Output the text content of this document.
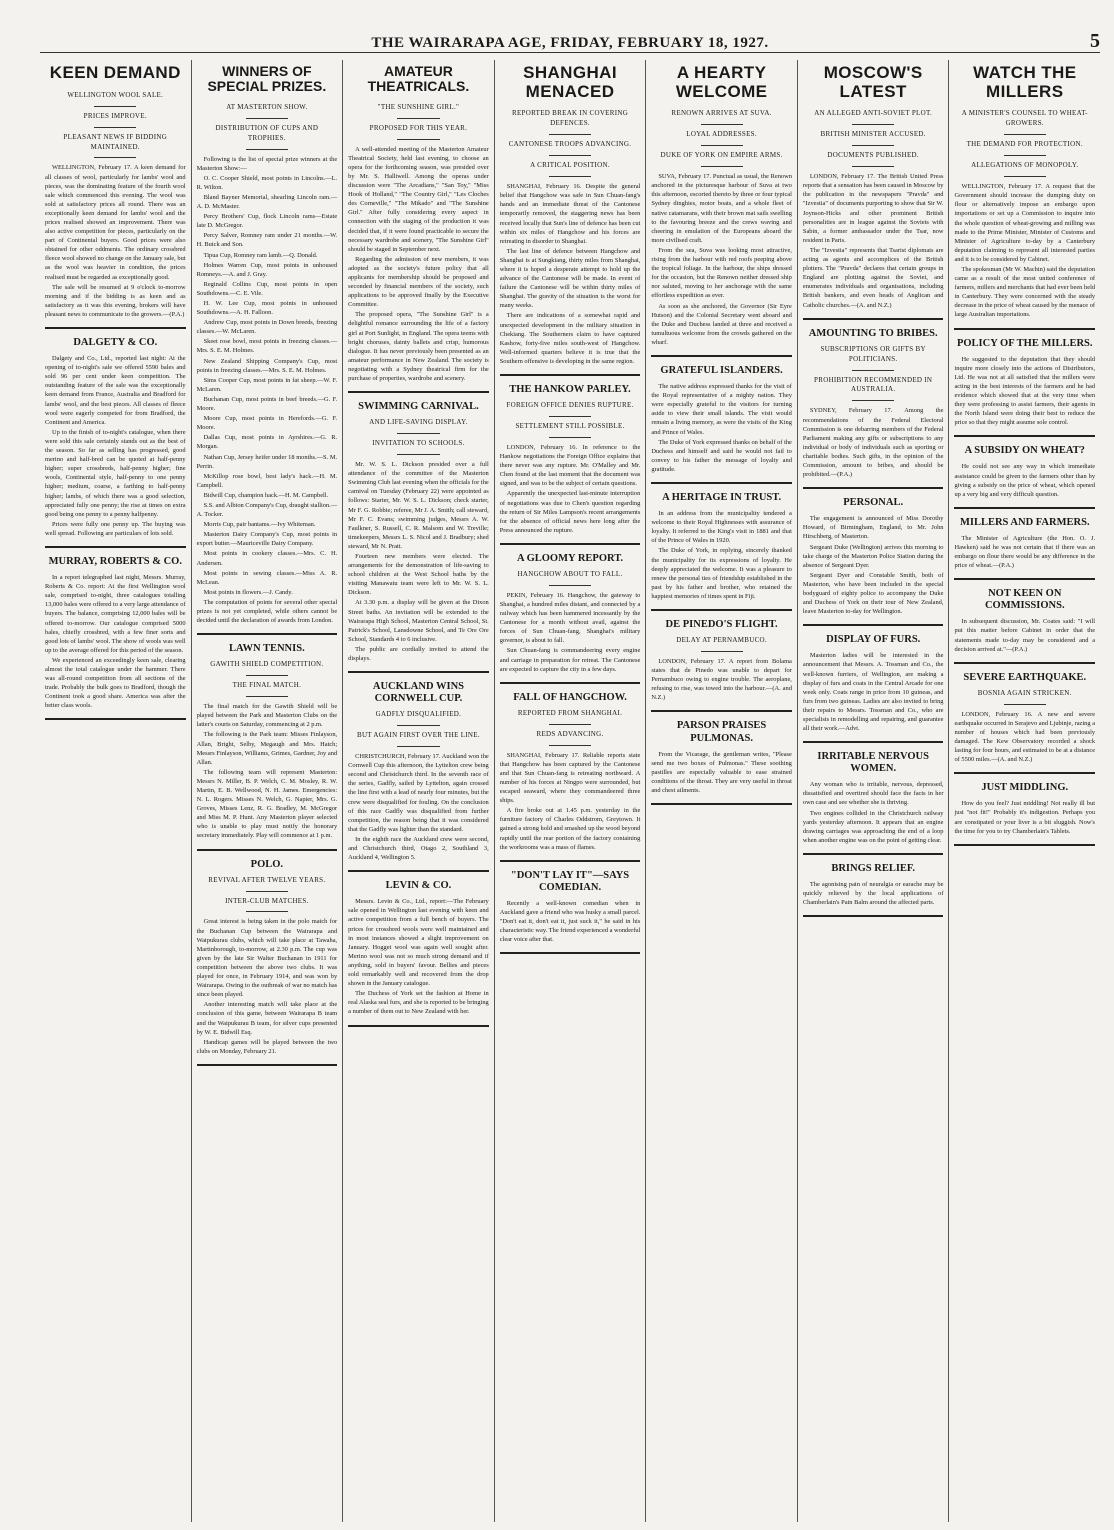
THE WAIRARAPA AGE, FRIDAY, FEBRUARY 18, 1927.	5
KEEN DEMAND
WELLINGTON WOOL SALE.
PRICES IMPROVE.
PLEASANT NEWS IF BIDDING MAINTAINED.

WELLINGTON, February 17. A keen demand for all classes of wool, particularly for lambs' wool and pieces, was the dominating feature of the fourth wool sale which commenced this evening. The wool was sold at satisfactory prices all round. There was an exceptionally keen demand for lambs' wool and the prices realised showed an improvement. There was also active competition for pieces, particularly on the part of Continental buyers. Good prices were also obtained for other oddments. The ordinary crossbred fleece wool showed no change on the January sale, but as the wool was heavier in condition, the prices realised must be regarded as exceptionally good.

The sale will be resumed at 9 o'clock to-morrow morning and if the bidding is as keen and as satisfactory as it was this evening, brokers will have pleasant news to communicate to the growers.—(P.A.)

DALGETY & CO.

Dalgety and Co., Ltd., reported last night: At the opening of to-night's sale we offered 5590 bales and sold 96 per cent under keen competition. The outstanding feature of the sale was the exceptionally keen demand from France, Australia and Bradford for lambs' wool, and the best pieces. All classes of fleece wool were eagerly competed for from Bradford, the Continent and America.

Up to the finish of to-night's catalogue, when there were sold this sale certainly stands out as the best of the season. So far as selling has progressed, good merino and half-bred can be quoted at half-penny higher; super crossbreds, half-penny higher; fine wools, Continental style, half-penny to one penny higher; medium, coarse, a farthing to half-penny higher; lambs, of which there was a good selection, appreciated fully one penny; the rise at times on extra good being one penny to a penny halfpenny.

Prices were fully one penny up. The buying was well spread. Following are particulars of lots sold.

MURRAY, ROBERTS & CO.

In a report telegraphed last night, Messrs. Murray, Roberts & Co. report: At the first Wellington wool sale, comprised to-night, three catalogues totalling 13,000 bales were offered to a very large attendance of buyers. The balance, comprising 12,000 bales will be offered to-morrow. Our catalogue comprised 5000 bales, chiefly crossbred, with a few finer sorts and good lots of lambs' wool. The show of wools was well up to the average offered for this period of the season.

We experienced an exceedingly keen sale, clearing almost the total catalogue under the hammer. There was all-round competition from all sections of the trade. Probably the bulk goes to Bradford, though the Continent took a good share. America was after the better class wools.

WINNERS OF SPECIAL PRIZES.
AT MASTERTON SHOW.
DISTRIBUTION OF CUPS AND TROPHIES.

Following is the list of special prize winners at the Masterton Show:—

O. C. Cooper Shield, most points in Lincolns.—L. R. Wilton.

Bland Bayner Memorial, shearling Lincoln ram.—A. D. McMaster.

Percy Brothers' Cup, flock Lincoln rams—Estate late D. McGregor.

Percy Salver, Romney ram under 21 months.—W. H. Buick and Son.

Tipua Cup, Romney ram lamb.—Q. Donald.

Holmes Warren Cup, most points in unhoused Romneys.—A. and J. Gray.

Reginald Collins Cup, most points in open Southdowns.—C. E. Vile.

H. W. Lee Cup, most points in unhoused Southdowns.—A. H. Falloon.

Andrew Cup, most points in Down breeds, freezing classes.—W. McLaren.

Skeet rose bowl, most points in freezing classes.—Mrs. S. E. M. Holmes.

New Zealand Shipping Company's Cup, most points in freezing classes.—Mrs. S. E. M. Holmes.

Sims Cooper Cup, most points in fat sheep.—W. F. McLaren.

Buchanan Cup, most points in beef breeds.—G. F. Moore.

Moore Cup, most points in Herefords.—G. F. Moore.

Dallas Cup, most points in Ayrshires.—G. R. Morgan.

Nathan Cup, Jersey heifer under 18 months.—S. M. Perrin.

McKillop rose bowl, best lady's hack.—H. M. Campbell.

Bidwill Cup, champion hack.—H. M. Campbell.

S.S. and Albion Company's Cup, draught stallion.—A. Tocker.

Morris Cup, pair bantams.—Ivy Whiteman.

Masterton Dairy Company's Cup, most points in export butter.—Mauriceville Dairy Company.

Most points in cookery classes.—Mrs. C. H. Andersen.

Most points in sewing classes.—Miss A. R. McLean.

Most points in flowers.—J. Candy.

The computation of points for several other special prizes is not yet completed, while others cannot be decided until the declaration of awards from London.

LAWN TENNIS.
GAWITH SHIELD COMPETITION.
THE FINAL MATCH.

The final match for the Gawith Shield will be played between the Park and Masterton Clubs on the latter's courts on Saturday, commencing at 2 p.m.

The following is the Park team: Misses Finlayson, Allan, Bright, Selby, Megaugh and Mrs. Hatch; Messrs Finlayson, Williams, Grimes, Gardner, Joy and Allan.

The following team will represent Masterton: Messrs N. Miller, B. P. Welch, C. M. Mosley, R. W. Martin, E. B. Wellwood, N. H. James. Emergencies: N. L. Rogers. Misses N. Welch, G. Napier, Mrs. G. Groves, Misses Lenz, R. G. Bradley, M. McGregor and Miss M. P. Hunt. Any Masterton player selected who is unable to play must notify the honorary secretary immediately. Play will commence at 1 p.m.

POLO.
REVIVAL AFTER TWELVE YEARS.
INTER-CLUB MATCHES.

Great interest is being taken in the polo match for the Buchanan Cup between the Wairarapa and Waipukurau clubs, which will take place at Tawaha, Martinborough, to-morrow, at 2.30 p.m. The cup was given by the late Sir Walter Buchanan in 1911 for competition between the above two clubs. It was played for once, in February 1914, and was won by Wairarapa. Owing to the outbreak of war no match has since been played.

Another interesting match will take place at the conclusion of this game, between Wairarapa B team and the Waipukurau B team, for silver cups presented by W. E. Bidwill Esq.

Handicap games will be played between the two clubs on Monday, February 21.

AMATEUR THEATRICALS.
"THE SUNSHINE GIRL."
PROPOSED FOR THIS YEAR.

A well-attended meeting of the Masterton Amateur Theatrical Society, held last evening, to choose an opera for the forthcoming season, was presided over by Mr. S. Halliwell. Among the operas under discussion were "The Arcadians," "San Toy," "Miss Hook of Holland," "The Country Girl," "Les Cloches des Corneville," "The Mikado" and "The Sunshine Girl." After fully considering every aspect in connection with the staging of the production it was decided that, if it were found practicable to secure the necessary wardrobe and scenery, "The Sunshine Girl" should be staged in September next.

Regarding the admission of new members, it was adopted as the society's future policy that all applicants for membership should be proposed and seconded by financial members of the society, such applications to be approved finally by the Executive Committee.

The proposed opera, "The Sunshine Girl" is a delightful romance surrounding the life of a factory girl at Port Sunlight, in England. The opera teems with bright choruses, dainty ballets and crisp, humorous dialogue. It has never previously been presented as an amateur performance in New Zealand. The society is negotiating with a Sydney theatrical firm for the purchase of properties, wardrobe and scenery.

SWIMMING CARNIVAL.
AND LIFE-SAVING DISPLAY.
INVITATION TO SCHOOLS.

Mr. W. S. L. Dickson presided over a full attendance of the committee of the Masterton Swimming Club last evening when the officials for the carnival on Tuesday (February 22) were appointed as follows: Starter, Mr. W. S. L. Dickson; check starter, Mr F. G. Robbie; referee, Mr J. A. Smith; call steward, Mr F. C. Evans; swimming judges, Messrs A. W. Faulkner, S. Russell, C. R. Malsom and W. Treville; timekeepers, Messrs L. S. Nicol and J. Bradbury; shed steward, Mr N. Pratt.

Fourteen new members were elected. The arrangements for the demonstration of life-saving to school children at the West School baths by the visiting Manawatu team were left to Mr. W. S. L. Dickson.

At 3.30 p.m. a display will be given at the Dixon Street baths. An invitation will be extended to the Wairarapa High School, Masterton Central School, St. Patrick's School, Lansdowne School, and Te Ore Ore School, Standards 4 to 6 inclusive.

The public are cordially invited to attend the displays.

AUCKLAND WINS CORNWELL CUP.
GADFLY DISQUALIFIED.
BUT AGAIN FIRST OVER THE LINE.

CHRISTCHURCH, February 17. Auckland won the Cornwell Cup this afternoon, the Lyttelton crew being second and Christchurch third. In the seventh race of the series, Gadfly, sailed by Lyttelton, again crossed the line first with a lead of nearly four minutes, but the crew were disqualified for fouling. On the conclusion of this race Gadfly was disqualified from further competition, the reason being that it was considered that the Gadfly was lighter than the standard.

In the eighth race the Auckland crew were second, and Christchurch third, Otago 2, Southland 3, Auckland 4, Wellington 5.

LEVIN & CO.

Messrs. Levin & Co., Ltd., report:—The February sale opened in Wellington last evening with keen and active competition from a full bench of buyers. The prices for crossbred wools were well maintained and in most instances showed a slight improvement on January. Hogget wool was again well sought after. Merino wool was not so much strong demand and if anything, sold in buyers' favour. Bellies and pieces sold remarkably well and recovered from the drop shown in the January catalogue.

The Duchess of York set the fashion at Home in real Alaska seal furs, and she is reported to be bringing a number of them out to New Zealand with her.

SHANGHAI MENACED
REPORTED BREAK IN COVERING DEFENCES.
CANTONESE TROOPS ADVANCING.
A CRITICAL POSITION.

SHANGHAI, February 16. Despite the general belief that Hangchow was safe in Sun Chuan-fang's hands and an immediate threat of the Cantonese temporarily removed, the staggering news has been received locally that Sun's line of defence has been cut within six miles of Hangchow and his forces are retreating in disorder to Shanghai.

The last line of defence between Hangchow and Shanghai is at Sungkiang, thirty miles from Shanghai, where it is hoped a desperate attempt to hold up the advance of the Cantonese will be made. In event of failure the Cantonese will be within thirty miles of Shanghai. The gravity of the situation is the worst for many weeks.

There are indications of a somewhat rapid and unexpected development in the military situation in Chekiang. The Southerners claim to have captured Kashow, forty-five miles south-west of Hangchow. Well-informed quarters believe it is true that the Southern offensive is developing in the same region.

THE HANKOW PARLEY.
FOREIGN OFFICE DENIES RUPTURE.
SETTLEMENT STILL POSSIBLE.

LONDON, February 16. In reference to the Hankow negotiations the Foreign Office explains that there never was any rupture. Mr. O'Malley and Mr. Chen found at the last moment that the document was signed, and was to be the subject of certain questions.

Apparently the unexpected last-minute interruption of negotiations was due to Chen's question regarding the return of Sir Miles Lampson's recent arrangements for the absence of official news here long after the Press announced the rupture.

A GLOOMY REPORT.
HANGCHOW ABOUT TO FALL.

PEKIN, February 16. Hangchow, the gateway to Shanghai, a hundred miles distant, and connected by a railway which has been hammered incessantly by the Cantonese for a month without avail, against the forces of Sun Chuan-fang, Shanghai's military governor, is about to fall.

Sun Chuan-fang is commandeering every engine and carriage in preparation for retreat. The Cantonese are expected to capture the city in a few days.

FALL OF HANGCHOW.
REPORTED FROM SHANGHAI.
REDS ADVANCING.

SHANGHAI, February 17. Reliable reports state that Hangchow has been captured by the Cantonese and that Sun Chuan-fang is retreating northward. A number of his forces at Ningpo were surrounded, but escaped seaward, where they commandeered three ships.

A fire broke out at 1.45 p.m. yesterday in the furniture factory of Charles Oddstrom, Greytown. It gained a strong hold and smashed up the wood beyond rapidly until the rear portion of the factory containing the workrooms was a mass of flames.

"DON'T LAY IT"—SAYS COMEDIAN.

Recently a well-known comedian when in Auckland gave a friend who was husky a small parcel. "Don't eat it, don't eat it, just suck it," he said in his characteristic way. The friend experienced a wonderful clear voice after that.

A HEARTY WELCOME
RENOWN ARRIVES AT SUVA.
LOYAL ADDRESSES.
DUKE OF YORK ON EMPIRE ARMS.

SUVA, February 17. Punctual as usual, the Renown anchored in the picturesque harbour of Suva at two this afternoon, escorted thereto by three or four typical Sydney dinghies, motor boats, and a whole fleet of native catamarans, with their brown mat sails swelling to the favouring breeze and the crews waving and cheering in emulation of the Europeans aboard the more civilised craft.

From the sea, Suva was looking most attractive, rising from the harbour with red roofs peeping above the tropical foliage. In the harbour, the ships dressed for the occasion, but the Renown neither dressed ship nor saluted, moving to her anchorage with the same effortless expedition as ever.

As soon as she anchored, the Governor (Sir Eyre Hutson) and the Colonial Secretary went aboard and the Duke and Duchess landed at three and received a tumultuous welcome from the crowds gathered on the wharf.

GRATEFUL ISLANDERS.

The native address expressed thanks for the visit of the Royal representative of a mighty nation. They were especially grateful to the visitors for turning aside to view their small islands. The visit would remain a living memory, as were the visits of the King and Prince of Wales.

The Duke of York expressed thanks on behalf of the Duchess and himself and said he would not fail to convey to his father the message of loyalty and gratitude.

A HERITAGE IN TRUST.

In an address from the municipality tendered a welcome to their Royal Highnesses with assurance of loyalty. It referred to the King's visit in 1881 and that of the Prince of Wales in 1920.

The Duke of York, in replying, sincerely thanked the municipality for its expressions of loyalty. He deeply appreciated the welcome. It was a pleasure to renew the personal ties of friendship established in the past by his father and brother, who retained the happiest memories of times spent in Fiji.

DE PINEDO'S FLIGHT.
DELAY AT PERNAMBUCO.

LONDON, February 17. A report from Bolama states that de Pinedo was unable to depart for Pernambuco owing to engine trouble. The aeroplane, refusing to rise, was towed into the harbour.—(A. and N.Z.)

PARSON PRAISES PULMONAS.

From the Vicarage, the gentleman writes, "Please send me two boxes of Pulmonas." These soothing pastilles are especially valuable to ease strained conditions of the throat. They are very useful in throat and chest ailments.

MOSCOW'S LATEST
AN ALLEGED ANTI-SOVIET PLOT.
BRITISH MINISTER ACCUSED.
DOCUMENTS PUBLISHED.

LONDON, February 17. The British United Press reports that a sensation has been caused in Moscow by the publication in the newspapers "Pravda" and "Izvestia" of documents purporting to show that Sir W. Joynson-Hicks and other prominent British personalities are in league against the Soviets with Sabin, a former ambassador under the Tsar, now resident in Paris.

The "Izvestia" represents that Tsarist diplomats are acting as agents and accomplices of the British plotters. The "Pravda" declares that certain groups in England are plotting against the Soviet, and enumerates individuals and organisations, including British bankers, and even heads of Anglican and Catholic churches.—(A. and N.Z.)

AMOUNTING TO BRIBES.
SUBSCRIPTIONS OR GIFTS BY POLITICIANS.
PROHIBITION RECOMMENDED IN AUSTRALIA.

SYDNEY, February 17. Among the recommendations of the Federal Electoral Commission is one debarring members of the Federal Parliament making any gifts or subscriptions to any individual or body of individuals such as sporting or charitable bodies. Such gifts, in the opinion of the Commission, amount to bribes, and should be prohibited.—(P.A.)

PERSONAL.

The engagement is announced of Miss Dorothy Howard, of Birmingham, England, to Mr. John Hirschberg, of Masterton.

Sergeant Duke (Wellington) arrives this morning to take charge of the Masterton Police Station during the absence of Sergeant Dyer.

Sergeant Dyer and Constable Smith, both of Masterton, who have been included in the special bodyguard of eighty police to accompany the Duke and Duchess of York on their tour of New Zealand, leave Masterton to-day for Wellington.

DISPLAY OF FURS.

Masterton ladies will be interested in the announcement that Messrs. A. Tossman and Co., the well-known furriers, of Wellington, are making a display of furs and coats in the Central Arcade for one week only. Coats range in price from 10 guineas, and furs from two guineas. Ladies are also invited to bring their repairs to Messrs. Tossman and Co., who are specialists in remodelling and repairing, and guarantee all their work.—Advt.

IRRITABLE NERVOUS WOMEN.

Any woman who is irritable, nervous, depressed, dissatisfied and overtired should face the facts in her own case and see whether she is thriving.

Two engines collided in the Christchurch railway yards yesterday afternoon. It appears that an engine drawing carriages was approaching the end of a loop when another engine was on the point of getting clear.

BRINGS RELIEF.

The agonising pain of neuralgia or earache may be quickly relieved by the local applications of Chamberlain's Pain Balm around the affected parts.

WATCH THE MILLERS
A MINISTER'S COUNSEL TO WHEAT-GROWERS.
THE DEMAND FOR PROTECTION.
ALLEGATIONS OF MONOPOLY.

WELLINGTON, February 17. A request that the Government should increase the dumping duty on flour or alternatively impose an embargo upon importations or set up a Commission to inquire into the whole question of wheat-growing and milling was made to the Prime Minister, Minister of Customs and Minister of Agriculture to-day by a Canterbury deputation claiming to represent all interested parties and it is to be considered by Cabinet.

The spokesman (Mr W. Machin) said the deputation came as a result of the most united conference of farmers, millers and merchants that had ever been held in Canterbury. They were concerned with the steady decrease in the price of wheat caused by the menace of large Australian importations.

POLICY OF THE MILLERS.

He suggested to the deputation that they should inquire more closely into the actions of Distributors, Ltd. He was not at all satisfied that the millers were acting in the best interests of the farmers and he had evidence which showed that at the very time when they were professing to assist farmers, their agents in the North Island were doing their best to reduce the price so that they might assume sole control.

A SUBSIDY ON WHEAT?

He could not see any way in which immediate assistance could be given to the farmers other than by giving a subsidy on the price of wheat, which opened up a very big and very difficult question.

MILLERS AND FARMERS.

The Minister of Agriculture (the Hon. O. J. Hawken) said he was not certain that if there was an embargo on flour there would be any difference in the price of wheat.—(P.A.)

NOT KEEN ON COMMISSIONS.

In subsequent discussion, Mr. Coates said: "I will put this matter before Cabinet in order that the statements made to-day may be considered and a decision arrived at."—(P.A.)

SEVERE EARTHQUAKE.
BOSNIA AGAIN STRICKEN.

LONDON, February 16. A new and severe earthquake occurred in Serajevo and Ljubinje, razing a number of houses which had been previously damaged. The Kew Observatory recorded a shock lasting for four hours, and estimated to be at a distance of 5500 miles.—(A. and N.Z.)

JUST MIDDLING.

How do you feel? Just middling! Not really ill but just "not fit!" Probably it's indigestion. Perhaps you are constipated or your liver is a bit sluggish. Now's the time for you to try Chamberlain's Tablets.
